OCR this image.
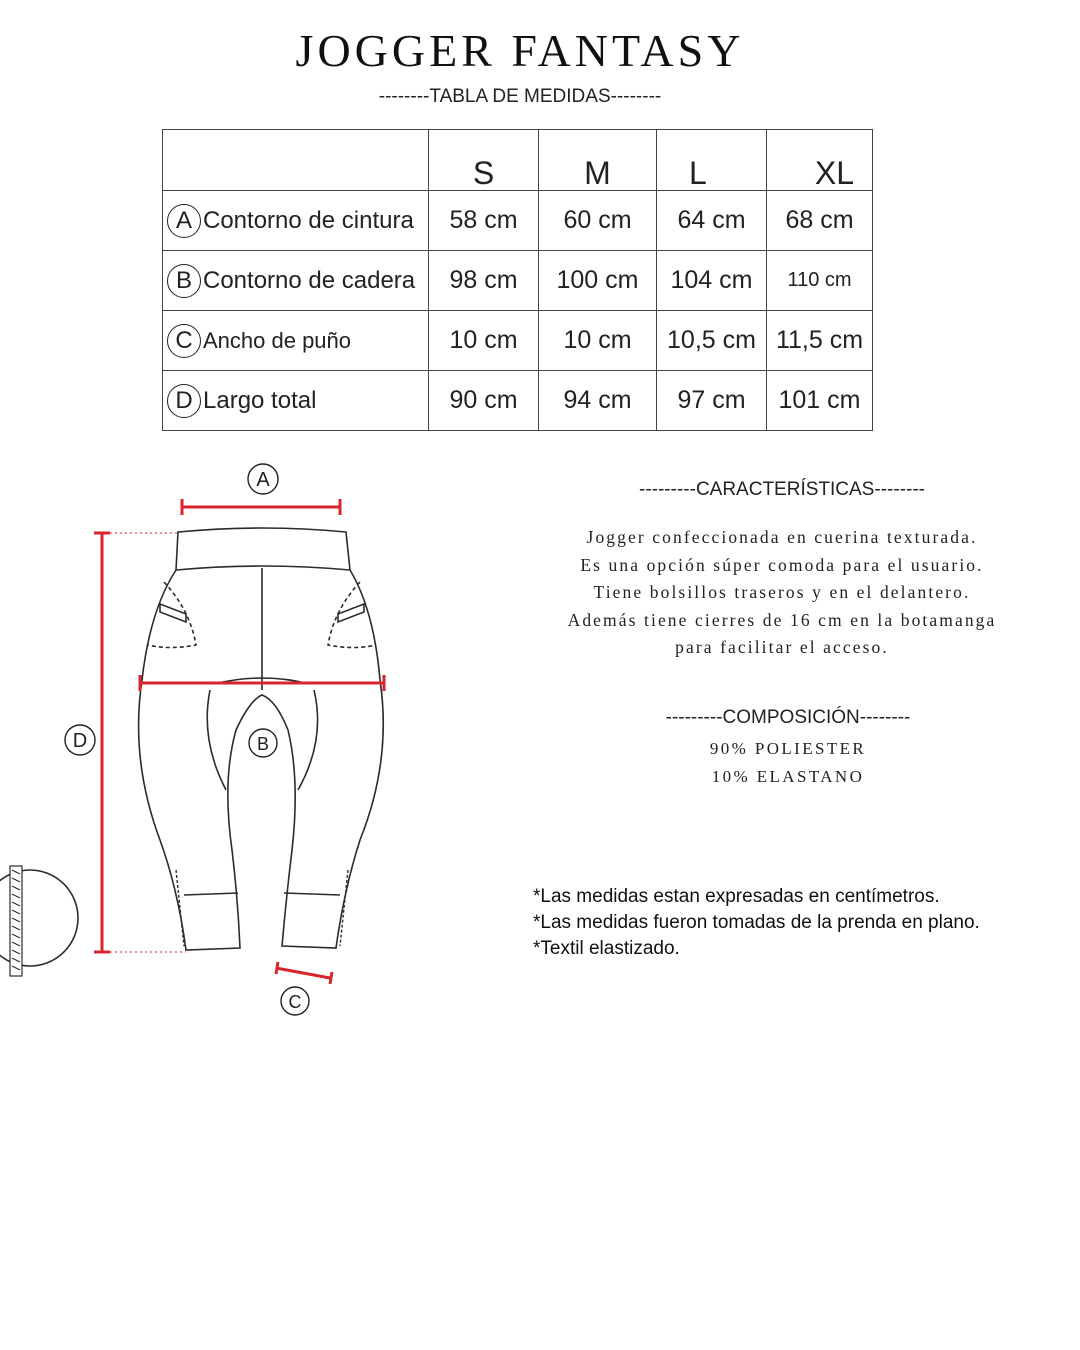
JOGGER FANTASY
--------TABLA DE MEDIDAS--------
	S	M	L	XL
A Contorno de cintura	58 cm	60 cm	64 cm	68 cm
B Contorno de cadera	98 cm	100 cm	104 cm	110 cm
C Ancho de puño	10 cm	10 cm	10,5 cm	11,5 cm
D Largo total	90 cm	94 cm	97 cm	101 cm
A
B
C
D
---------CARACTERÍSTICAS--------
Jogger confeccionada en cuerina texturada.
Es una opción súper comoda para el usuario.
Tiene bolsillos traseros y en el delantero.
Además tiene cierres de 16 cm en la botamanga
para facilitar el acceso.
---------COMPOSICIÓN--------
90% POLIESTER
10% ELASTANO
*Las medidas estan expresadas en centímetros.
*Las medidas fueron tomadas de la prenda en plano.
*Textil elastizado.
